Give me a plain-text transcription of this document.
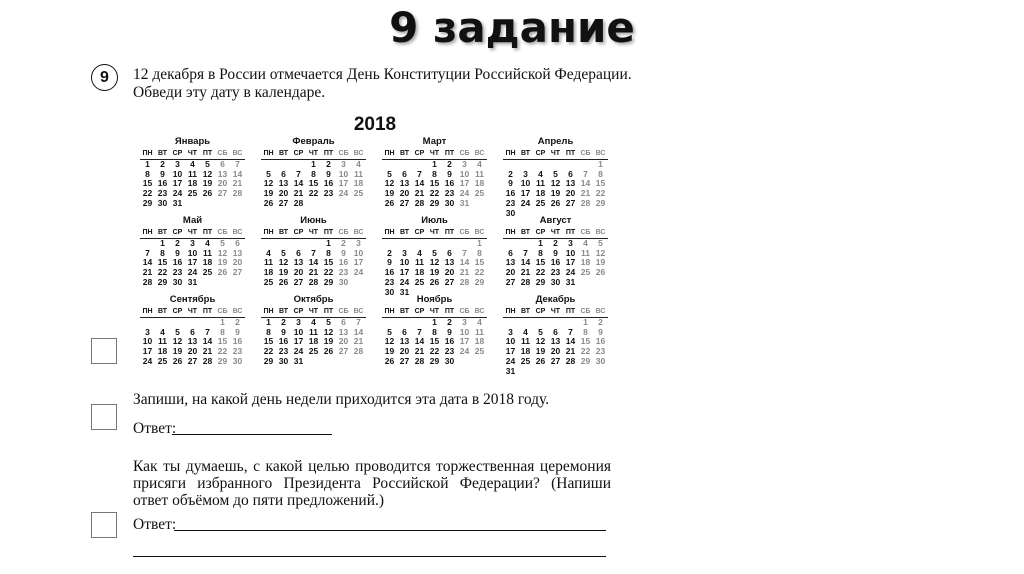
9 задание
9	12 декабря в России отмечается День Конституции Российской Федерации.
Обведи эту дату в календаре.
2018
Январь
ПН	ВТ	СР	ЧТ	ПТ	СБ	ВС
1	2	3	4	5	6	7
8	9	10	11	12	13	14
15	16	17	18	19	20	21
22	23	24	25	26	27	28
29	30	31				
Февраль
ПН	ВТ	СР	ЧТ	ПТ	СБ	ВС
			1	2	3	4
5	6	7	8	9	10	11
12	13	14	15	16	17	18
19	20	21	22	23	24	25
26	27	28				
Март
ПН	ВТ	СР	ЧТ	ПТ	СБ	ВС
			1	2	3	4
5	6	7	8	9	10	11
12	13	14	15	16	17	18
19	20	21	22	23	24	25
26	27	28	29	30	31	
Апрель
ПН	ВТ	СР	ЧТ	ПТ	СБ	ВС
						1
2	3	4	5	6	7	8
9	10	11	12	13	14	15
16	17	18	19	20	21	22
23	24	25	26	27	28	29
30						
Май
ПН	ВТ	СР	ЧТ	ПТ	СБ	ВС
	1	2	3	4	5	6
7	8	9	10	11	12	13
14	15	16	17	18	19	20
21	22	23	24	25	26	27
28	29	30	31			
Июнь
ПН	ВТ	СР	ЧТ	ПТ	СБ	ВС
				1	2	3
4	5	6	7	8	9	10
11	12	13	14	15	16	17
18	19	20	21	22	23	24
25	26	27	28	29	30	
Июль
ПН	ВТ	СР	ЧТ	ПТ	СБ	ВС
						1
2	3	4	5	6	7	8
9	10	11	12	13	14	15
16	17	18	19	20	21	22
23	24	25	26	27	28	29
30	31					
Август
ПН	ВТ	СР	ЧТ	ПТ	СБ	ВС
		1	2	3	4	5
6	7	8	9	10	11	12
13	14	15	16	17	18	19
20	21	22	23	24	25	26
27	28	29	30	31		
Сентябрь
ПН	ВТ	СР	ЧТ	ПТ	СБ	ВС
					1	2
3	4	5	6	7	8	9
10	11	12	13	14	15	16
17	18	19	20	21	22	23
24	25	26	27	28	29	30
Октябрь
ПН	ВТ	СР	ЧТ	ПТ	СБ	ВС
1	2	3	4	5	6	7
8	9	10	11	12	13	14
15	16	17	18	19	20	21
22	23	24	25	26	27	28
29	30	31				
Ноябрь
ПН	ВТ	СР	ЧТ	ПТ	СБ	ВС
			1	2	3	4
5	6	7	8	9	10	11
12	13	14	15	16	17	18
19	20	21	22	23	24	25
26	27	28	29	30		
Декабрь
ПН	ВТ	СР	ЧТ	ПТ	СБ	ВС
					1	2
3	4	5	6	7	8	9
10	11	12	13	14	15	16
17	18	19	20	21	22	23
24	25	26	27	28	29	30
31						
Запиши, на какой день недели приходится эта дата в 2018 году.
Ответ:
Как ты думаешь, с какой целью проводится торжественная церемония присяги избранного Президента Российской Федерации? (Напиши ответ объёмом до пяти предложений.)
Ответ:
